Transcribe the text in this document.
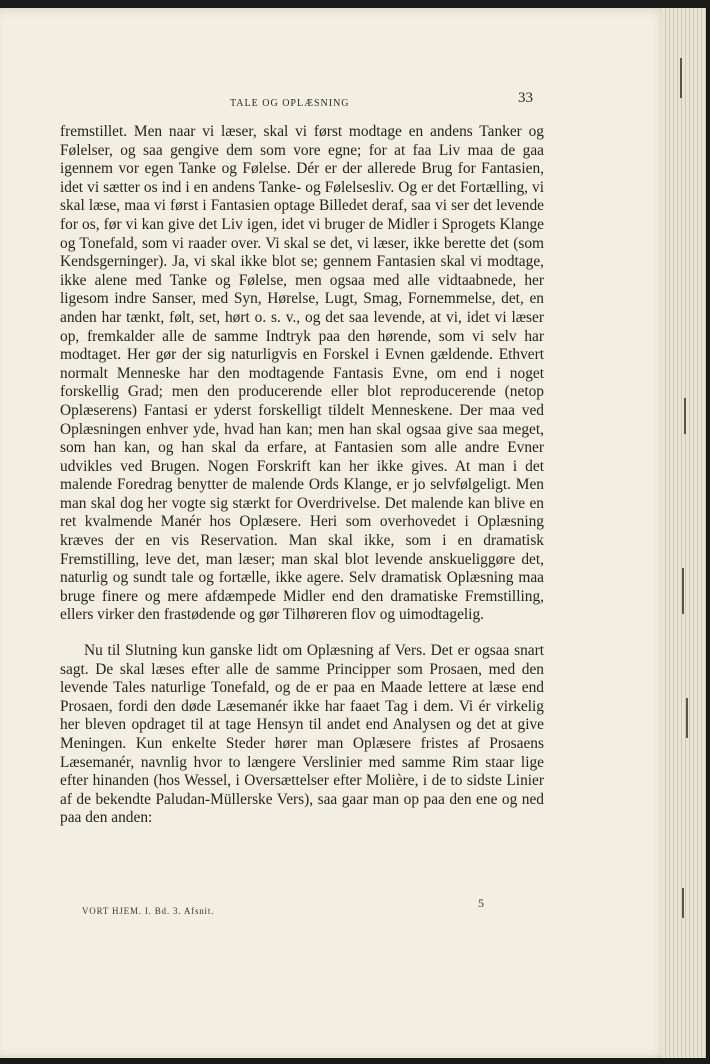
TALE OG OPLÆSNING	33

fremstillet. Men naar vi læser, skal vi først modtage en andens Tanker og Følelser, og saa gengive dem som vore egne; for at faa Liv maa de gaa igennem vor egen Tanke og Følelse. Dér er der allerede Brug for Fantasien, idet vi sætter os ind i en andens Tanke- og Følelsesliv. Og er det Fortælling, vi skal læse, maa vi først i Fantasien optage Billedet deraf, saa vi ser det levende for os, før vi kan give det Liv igen, idet vi bruger de Midler i Sprogets Klange og Tonefald, som vi raader over. Vi skal se det, vi læser, ikke berette det (som Kendsgerninger). Ja, vi skal ikke blot se; gennem Fantasien skal vi modtage, ikke alene med Tanke og Følelse, men ogsaa med alle vidtaabnede, her ligesom indre Sanser, med Syn, Hørelse, Lugt, Smag, Fornemmelse, det, en anden har tænkt, følt, set, hørt o. s. v., og det saa levende, at vi, idet vi læser op, fremkalder alle de samme Indtryk paa den hørende, som vi selv har modtaget. Her gør der sig naturligvis en Forskel i Evnen gældende. Ethvert normalt Menneske har den modtagende Fantasis Evne, om end i noget forskellig Grad; men den producerende eller blot reproducerende (netop Oplæserens) Fantasi er yderst forskelligt tildelt Menneskene. Der maa ved Oplæsningen enhver yde, hvad han kan; men han skal ogsaa give saa meget, som han kan, og han skal da erfare, at Fantasien som alle andre Evner udvikles ved Brugen. Nogen Forskrift kan her ikke gives. At man i det malende Foredrag benytter de malende Ords Klange, er jo selvfølgeligt. Men man skal dog her vogte sig stærkt for Overdrivelse. Det malende kan blive en ret kvalmende Manér hos Oplæsere. Heri som overhovedet i Oplæsning kræves der en vis Reservation. Man skal ikke, som i en dramatisk Fremstilling, leve det, man læser; man skal blot levende anskueliggøre det, naturlig og sundt tale og fortælle, ikke agere. Selv dramatisk Oplæsning maa bruge finere og mere afdæmpede Midler end den dramatiske Fremstilling, ellers virker den frastødende og gør Tilhøreren flov og uimodtagelig.

Nu til Slutning kun ganske lidt om Oplæsning af Vers. Det er ogsaa snart sagt. De skal læses efter alle de samme Principper som Prosaen, med den levende Tales naturlige Tonefald, og de er paa en Maade lettere at læse end Prosaen, fordi den døde Læsemanér ikke har faaet Tag i dem. Vi ér virkelig her bleven opdraget til at tage Hensyn til andet end Analysen og det at give Meningen. Kun enkelte Steder hører man Oplæsere fristes af Prosaens Læsemanér, navnlig hvor to længere Verslinier med samme Rim staar lige efter hinanden (hos Wessel, i Oversættelser efter Molière, i de to sidste Linier af de bekendte Paludan-Müllerske Vers), saa gaar man op paa den ene og ned paa den anden:

VORT HJEM. I. Bd. 3. Afsnit.
5
